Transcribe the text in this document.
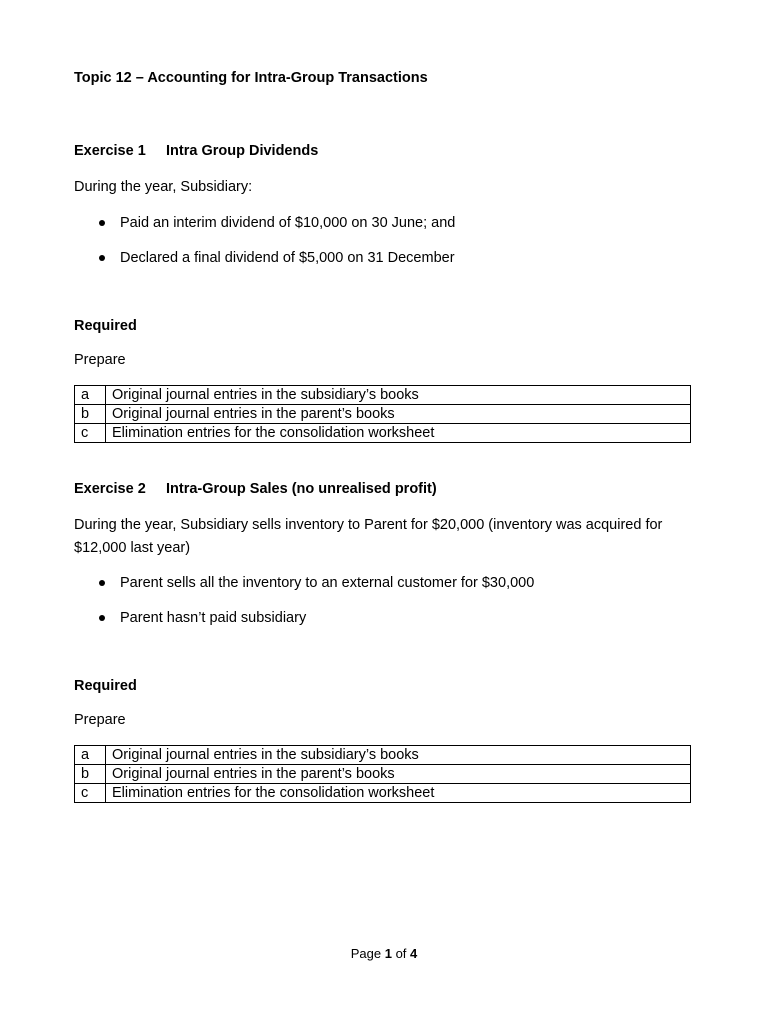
Topic 12 – Accounting for Intra-Group Transactions
Exercise 1	Intra Group Dividends
During the year, Subsidiary:
Paid an interim dividend of $10,000 on 30 June; and
Declared a final dividend of $5,000 on 31 December
Required
Prepare
a	Original journal entries in the subsidiary’s books
b	Original journal entries in the parent’s books
c	Elimination entries for the consolidation worksheet
Exercise 2	Intra-Group Sales (no unrealised profit)
During the year, Subsidiary sells inventory to Parent for $20,000 (inventory was acquired for $12,000 last year)
Parent sells all the inventory to an external customer for $30,000
Parent hasn’t paid subsidiary
Required
Prepare
a	Original journal entries in the subsidiary’s books
b	Original journal entries in the parent’s books
c	Elimination entries for the consolidation worksheet
Page 1 of 4
